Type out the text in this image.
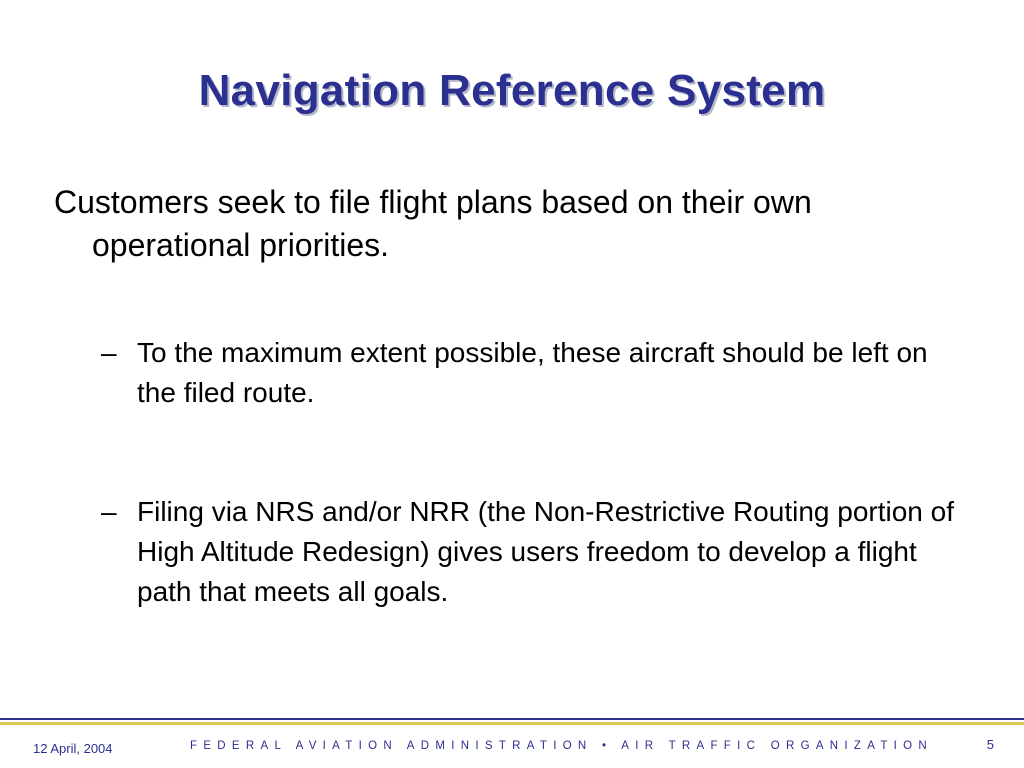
Navigation Reference System
Customers seek to file flight plans based on their own operational priorities.
– To the maximum extent possible, these aircraft should be left on the filed route.
– Filing via NRS and/or NRR (the Non-Restrictive Routing portion of High Altitude Redesign) gives users freedom to develop a flight path that meets all goals.
12 April, 2004	FEDERAL AVIATION ADMINISTRATION • AIR TRAFFIC ORGANIZATION	5
